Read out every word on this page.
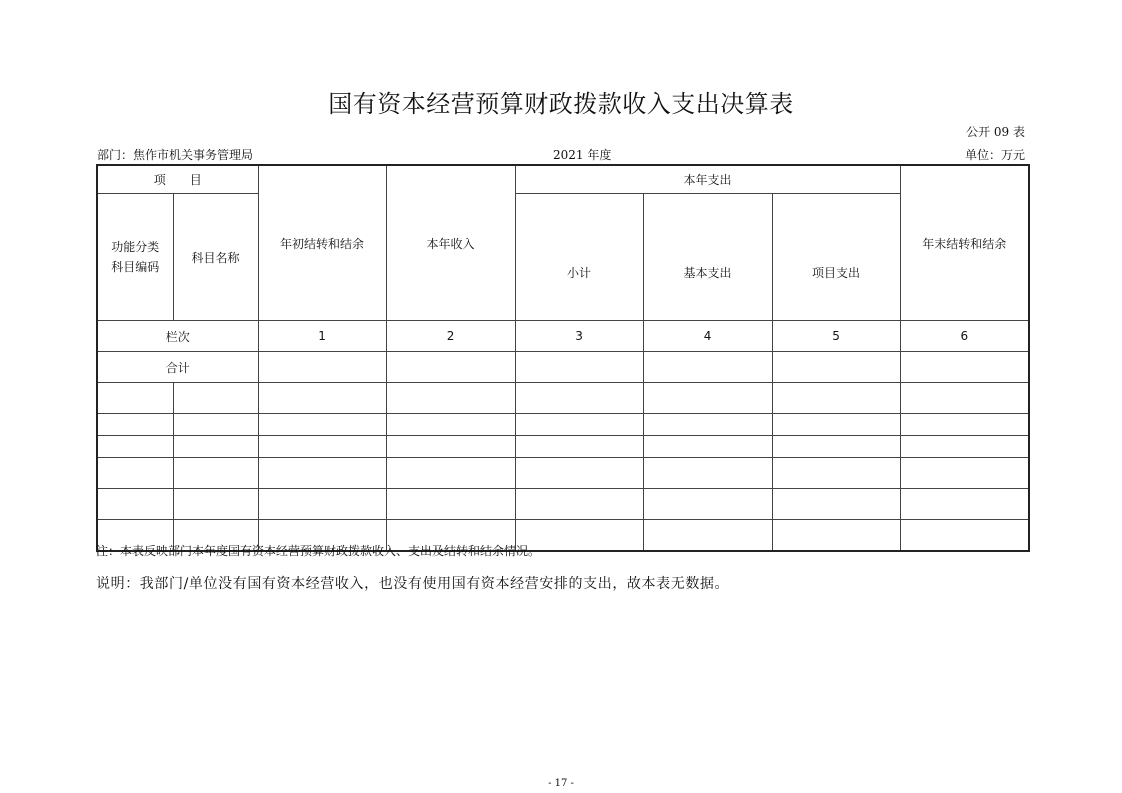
国有资本经营预算财政拨款收入支出决算表
公开 09 表
部门：焦作市机关事务管理局	2021 年度	单位：万元
项　　目		年初结转和结余	本年收入	本年支出			年末结转和结余
功能分类
科目编码	科目名称			小计	基本支出	项目支出	
栏次		1	2	3	4	5	6
合计							

注：本表反映部门本年度国有资本经营预算财政拨款收入、支出及结转和结余情况。
说明：我部门/单位没有国有资本经营收入，也没有使用国有资本经营安排的支出，故本表无数据。
- 17 -
